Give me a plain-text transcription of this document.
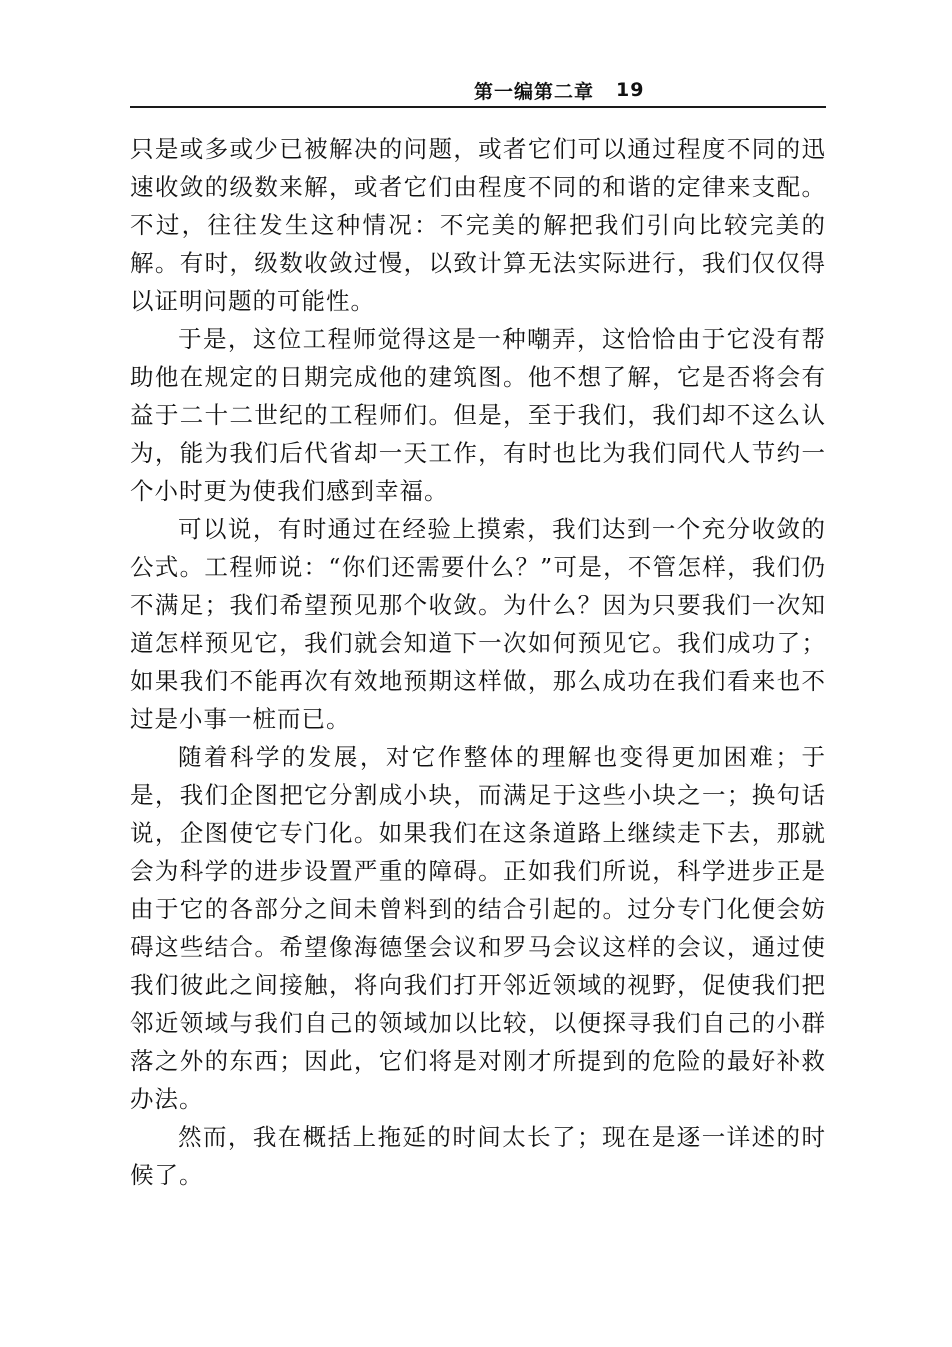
第一编第二章 19

只是或多或少已被解决的问题，或者它们可以通过程度不同的迅速收敛的级数来解，或者它们由程度不同的和谐的定律来支配。不过，往往发生这种情况：不完美的解把我们引向比较完美的解。有时，级数收敛过慢，以致计算无法实际进行，我们仅仅得以证明问题的可能性。

于是，这位工程师觉得这是一种嘲弄，这恰恰由于它没有帮助他在规定的日期完成他的建筑图。他不想了解，它是否将会有益于二十二世纪的工程师们。但是，至于我们，我们却不这么认为，能为我们后代省却一天工作，有时也比为我们同代人节约一个小时更为使我们感到幸福。

可以说，有时通过在经验上摸索，我们达到一个充分收敛的公式。工程师说：“你们还需要什么？”可是，不管怎样，我们仍不满足；我们希望预见那个收敛。为什么？因为只要我们一次知道怎样预见它，我们就会知道下一次如何预见它。我们成功了；如果我们不能再次有效地预期这样做，那么成功在我们看来也不过是小事一桩而已。

随着科学的发展，对它作整体的理解也变得更加困难；于是，我们企图把它分割成小块，而满足于这些小块之一；换句话说，企图使它专门化。如果我们在这条道路上继续走下去，那就会为科学的进步设置严重的障碍。正如我们所说，科学进步正是由于它的各部分之间未曾料到的结合引起的。过分专门化便会妨碍这些结合。希望像海德堡会议和罗马会议这样的会议，通过使我们彼此之间接触，将向我们打开邻近领域的视野，促使我们把邻近领域与我们自己的领域加以比较，以便探寻我们自己的小群落之外的东西；因此，它们将是对刚才所提到的危险的最好补救办法。

然而，我在概括上拖延的时间太长了；现在是逐一详述的时候了。
